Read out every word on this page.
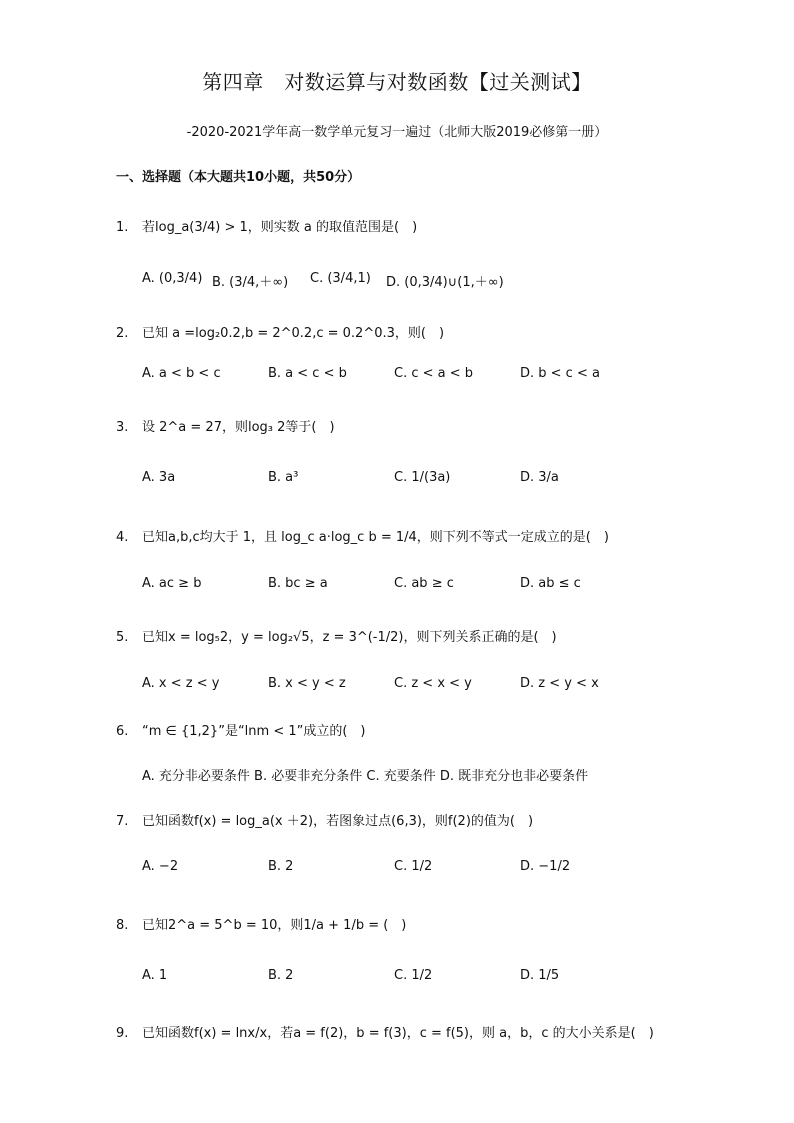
第四章　对数运算与对数函数【过关测试】
-2020-2021学年高一数学单元复习一遍过（北师大版2019必修第一册）
一、选择题（本大题共10小题，共50分）
1. 若log_a(3/4) > 1，则实数 a 的取值范围是(　)
A. (0,3/4) B. (3/4,＋∞) C. (3/4,1) D. (0,3/4)∪(1,＋∞)
2. 已知 a =log₂0.2,b = 2^0.2,c = 0.2^0.3，则(　)
A. a < b < c	B. a < c < b	C. c < a < b	D. b < c < a
3. 设 2^a = 27，则log₃ 2等于(　)
A. 3a	B. a³	C. 1/(3a)	D. 3/a
4. 已知a,b,c均大于 1，且 log_c a·log_c b = 1/4，则下列不等式一定成立的是(　)
A. ac ≥ b	B. bc ≥ a	C. ab ≥ c	D. ab ≤ c
5. 已知x = log₅2，y = log₂√5，z = 3^(-1/2)，则下列关系正确的是(　)
A. x < z < y	B. x < y < z	C. z < x < y	D. z < y < x
6. “m ∈ {1,2}”是“lnm < 1”成立的(　)
A. 充分非必要条件 B. 必要非充分条件 C. 充要条件 D. 既非充分也非必要条件
7. 已知函数f(x) = log_a(x ＋2)，若图象过点(6,3)，则f(2)的值为(　)
A. −2	B. 2	C. 1/2	D. −1/2
8. 已知2^a = 5^b = 10，则1/a + 1/b = (　)
A. 1	B. 2	C. 1/2	D. 1/5
9. 已知函数f(x) = lnx/x，若a = f(2)，b = f(3)，c = f(5)，则 a，b，c 的大小关系是(　)
